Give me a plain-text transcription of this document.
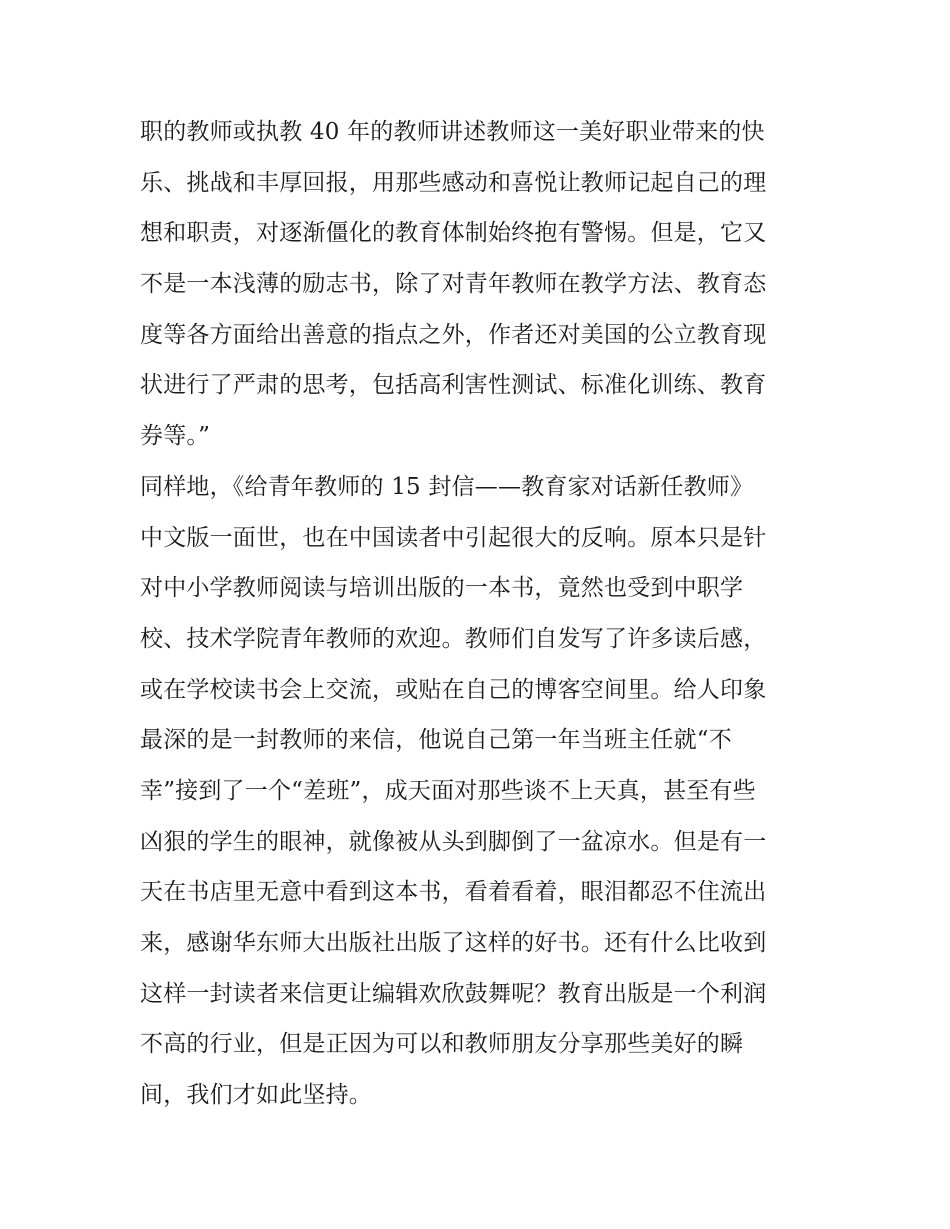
职的教师或执教 40 年的教师讲述教师这一美好职业带来的快
乐、挑战和丰厚回报，用那些感动和喜悦让教师记起自己的理
想和职责，对逐渐僵化的教育体制始终抱有警惕。但是，它又
不是一本浅薄的励志书，除了对青年教师在教学方法、教育态
度等各方面给出善意的指点之外，作者还对美国的公立教育现
状进行了严肃的思考，包括高利害性测试、标准化训练、教育
券等。”
同样地，《给青年教师的 15 封信——教育家对话新任教师》
中文版一面世，也在中国读者中引起很大的反响。原本只是针
对中小学教师阅读与培训出版的一本书，竟然也受到中职学
校、技术学院青年教师的欢迎。教师们自发写了许多读后感，
或在学校读书会上交流，或贴在自己的博客空间里。给人印象
最深的是一封教师的来信，他说自己第一年当班主任就“不
幸”接到了一个“差班”，成天面对那些谈不上天真，甚至有些
凶狠的学生的眼神，就像被从头到脚倒了一盆凉水。但是有一
天在书店里无意中看到这本书，看着看着，眼泪都忍不住流出
来，感谢华东师大出版社出版了这样的好书。还有什么比收到
这样一封读者来信更让编辑欢欣鼓舞呢？教育出版是一个利润
不高的行业，但是正因为可以和教师朋友分享那些美好的瞬
间，我们才如此坚持。
